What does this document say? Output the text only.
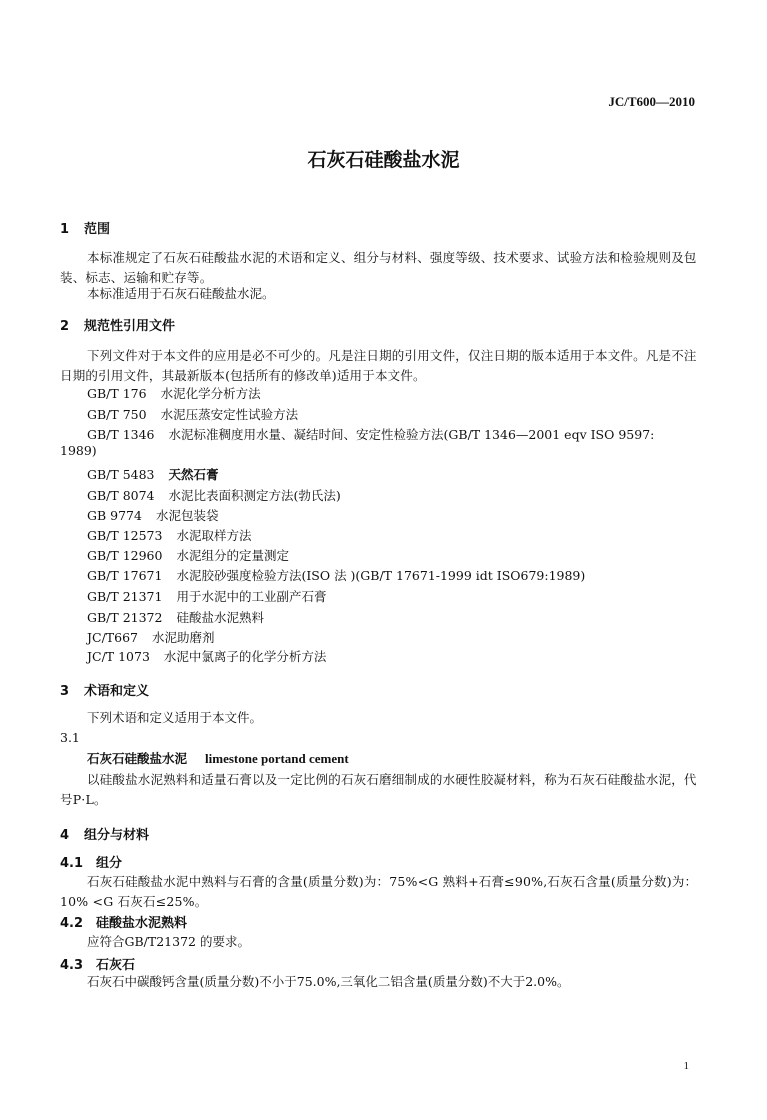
JC/T600—2010
石灰石硅酸盐水泥
1 范围
本标准规定了石灰石硅酸盐水泥的术语和定义、组分与材料、强度等级、技术要求、试验方法和检验规则及包装、标志、运输和贮存等。
本标准适用于石灰石硅酸盐水泥。
2 规范性引用文件
下列文件对于本文件的应用是必不可少的。凡是注日期的引用文件，仅注日期的版本适用于本文件。凡是不注日期的引用文件，其最新版本(包括所有的修改单)适用于本文件。
GB/T 176 水泥化学分析方法
GB/T 750 水泥压蒸安定性试验方法
GB/T 1346 水泥标准稠度用水量、凝结时间、安定性检验方法(GB/T 1346—2001 eqv ISO 9597:
1989)
GB/T 5483 天然石膏
GB/T 8074 水泥比表面积测定方法(勃氏法)
GB 9774 水泥包装袋
GB/T 12573 水泥取样方法
GB/T 12960 水泥组分的定量测定
GB/T 17671 水泥胶砂强度检验方法(ISO 法 )(GB/T 17671-1999 idt ISO679:1989)
GB/T 21371 用于水泥中的工业副产石膏
GB/T 21372 硅酸盐水泥熟料
JC/T667 水泥助磨剂
JC/T 1073 水泥中氯离子的化学分析方法
3 术语和定义
下列术语和定义适用于本文件。
3.1
石灰石硅酸盐水泥 limestone portand cement
以硅酸盐水泥熟料和适量石膏以及一定比例的石灰石磨细制成的水硬性胶凝材料，称为石灰石硅酸盐水泥，代号P·L。
4 组分与材料
4.1 组分
石灰石硅酸盐水泥中熟料与石膏的含量(质量分数)为：75%<G 熟料+石膏≤90%,石灰石含量(质量分数)为：10% <G 石灰石≤25%。
4.2 硅酸盐水泥熟料
应符合GB/T21372 的要求。
4.3 石灰石
石灰石中碳酸钙含量(质量分数)不小于75.0%,三氧化二铝含量(质量分数)不大于2.0%。
1
